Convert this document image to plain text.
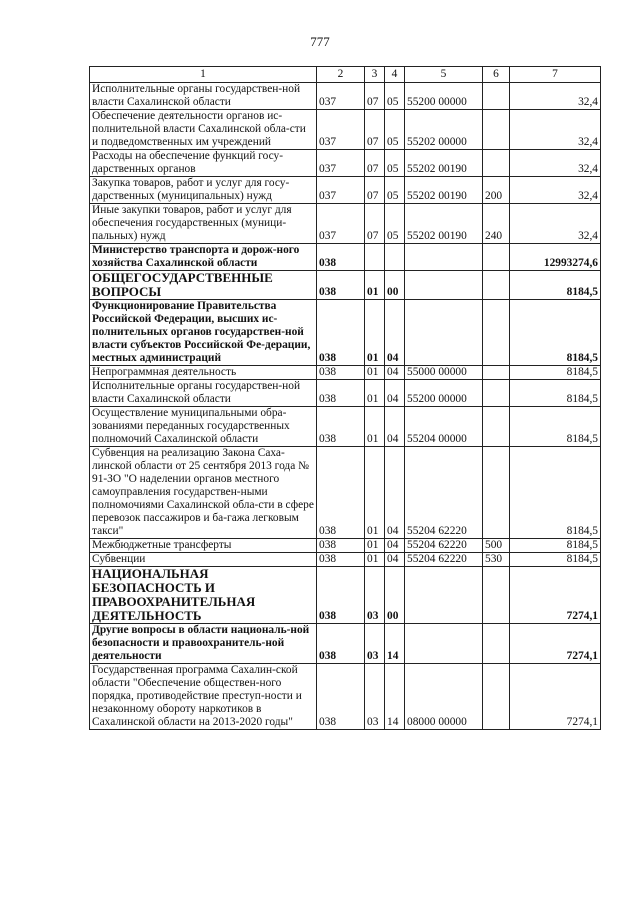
777
1	2	3	4	5	6	7
Исполнительные органы государствен-ной власти Сахалинской области	037	07	05	55200 00000		32,4
Обеспечение деятельности органов ис-полнительной власти Сахалинской обла-сти и подведомственных им учреждений	037	07	05	55202 00000		32,4
Расходы на обеспечение функций госу-дарственных органов	037	07	05	55202 00190		32,4
Закупка товаров, работ и услуг для госу-дарственных (муниципальных) нужд	037	07	05	55202 00190	200	32,4
Иные закупки товаров, работ и услуг для обеспечения государственных (муници-пальных) нужд	037	07	05	55202 00190	240	32,4
Министерство транспорта и дорож-ного хозяйства Сахалинской области	038					12993274,6
ОБЩЕГОСУДАРСТВЕННЫЕ ВОПРОСЫ	038	01	00			8184,5
Функционирование Правительства Российской Федерации, высших ис-полнительных органов государствен-ной власти субъектов Российской Фе-дерации, местных администраций	038	01	04			8184,5
Непрограммная деятельность	038	01	04	55000 00000		8184,5
Исполнительные органы государствен-ной власти Сахалинской области	038	01	04	55200 00000		8184,5
Осуществление муниципальными обра-зованиями переданных государственных полномочий Сахалинской области	038	01	04	55204 00000		8184,5
Субвенция на реализацию Закона Саха-линской области от 25 сентября 2013 года № 91-ЗО "О наделении органов местного самоуправления государствен-ными полномочиями Сахалинской обла-сти в сфере перевозок пассажиров и ба-гажа легковым такси"	038	01	04	55204 62220		8184,5
Межбюджетные трансферты	038	01	04	55204 62220	500	8184,5
Субвенции	038	01	04	55204 62220	530	8184,5
НАЦИОНАЛЬНАЯ БЕЗОПАСНОСТЬ И ПРАВООХРАНИТЕЛЬНАЯ ДЕЯТЕЛЬНОСТЬ	038	03	00			7274,1
Другие вопросы в области националь-ной безопасности и правоохранитель-ной деятельности	038	03	14			7274,1
Государственная программа Сахалин-ской области "Обеспечение обществен-ного порядка, противодействие преступ-ности и незаконному обороту наркотиков в Сахалинской области на 2013-2020 годы"	038	03	14	08000 00000		7274,1
